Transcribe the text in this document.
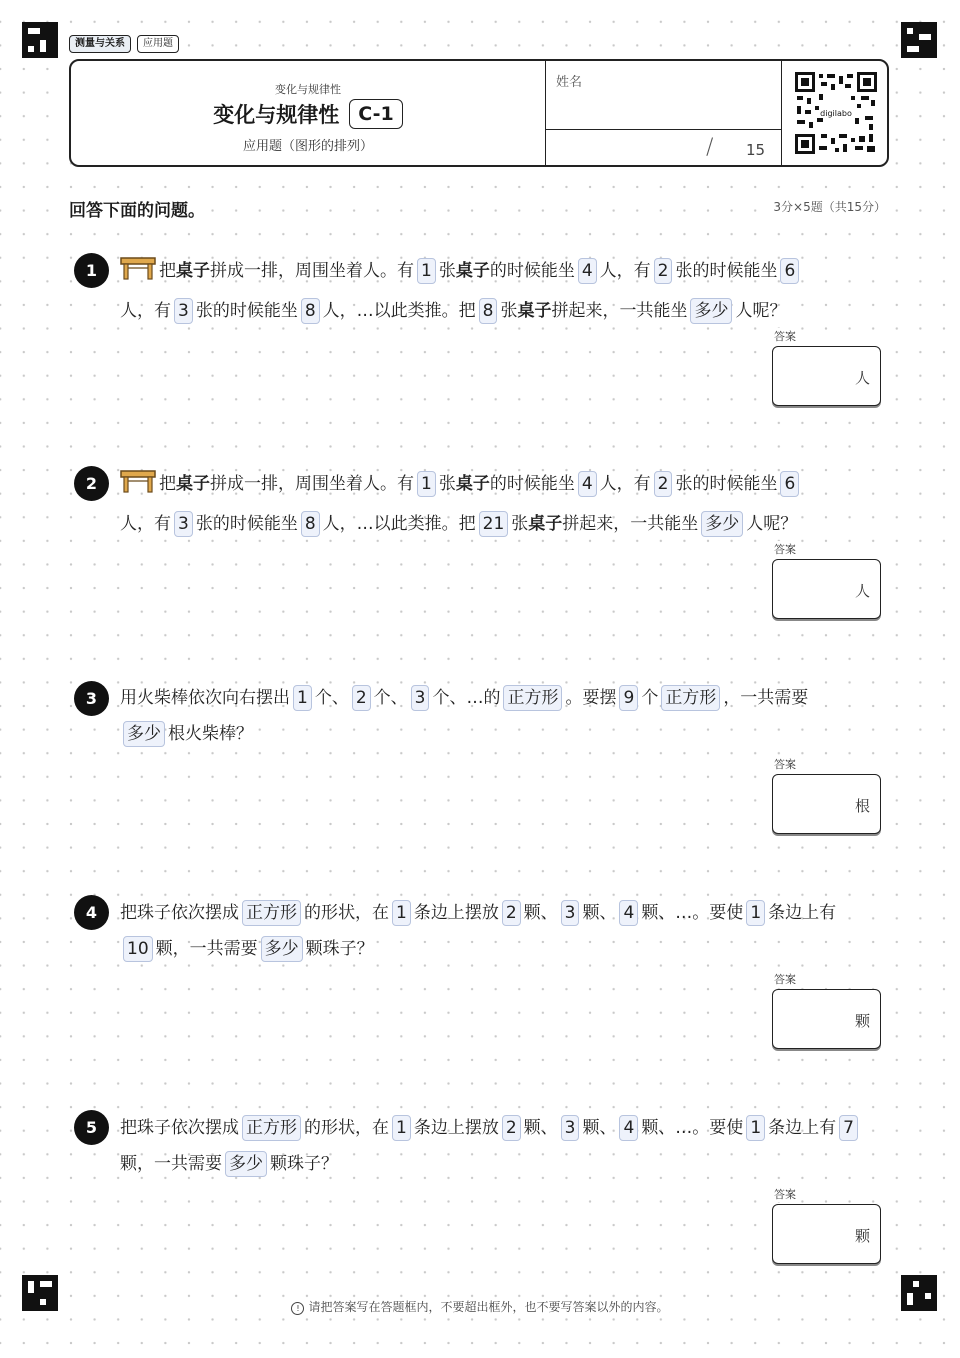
测量与关系	应用题
变化与规律性
变化与规律性	C-1
应用题（图形的排列）
姓名
/ 15
digilabo
回答下面的问题。	3分×5题（共15分）
1	把桌子拼成一排，周围坐着人。有 1 张桌子的时候能坐 4 人，有 2 张的时候能坐 6
人，有 3 张的时候能坐 8 人，…以此类推。把 8 张桌子拼起来，一共能坐 多少 人呢？
答案
人
2	把桌子拼成一排，周围坐着人。有 1 张桌子的时候能坐 4 人，有 2 张的时候能坐 6
人，有 3 张的时候能坐 8 人，…以此类推。把 21 张桌子拼起来，一共能坐 多少 人呢？
答案
人
3	用火柴棒依次向右摆出 1 个、 2 个、 3 个、…的 正方形 。要摆 9 个 正方形 ，一共需要
多少 根火柴棒？
答案
根
4	把珠子依次摆成 正方形 的形状，在 1 条边上摆放 2 颗、 3 颗、 4 颗、…。要使 1 条边上有
10 颗，一共需要 多少 颗珠子？
答案
颗
5	把珠子依次摆成 正方形 的形状，在 1 条边上摆放 2 颗、 3 颗、 4 颗、…。要使 1 条边上有 7
颗，一共需要 多少 颗珠子？
答案
颗
! 请把答案写在答题框内，不要超出框外，也不要写答案以外的内容。
